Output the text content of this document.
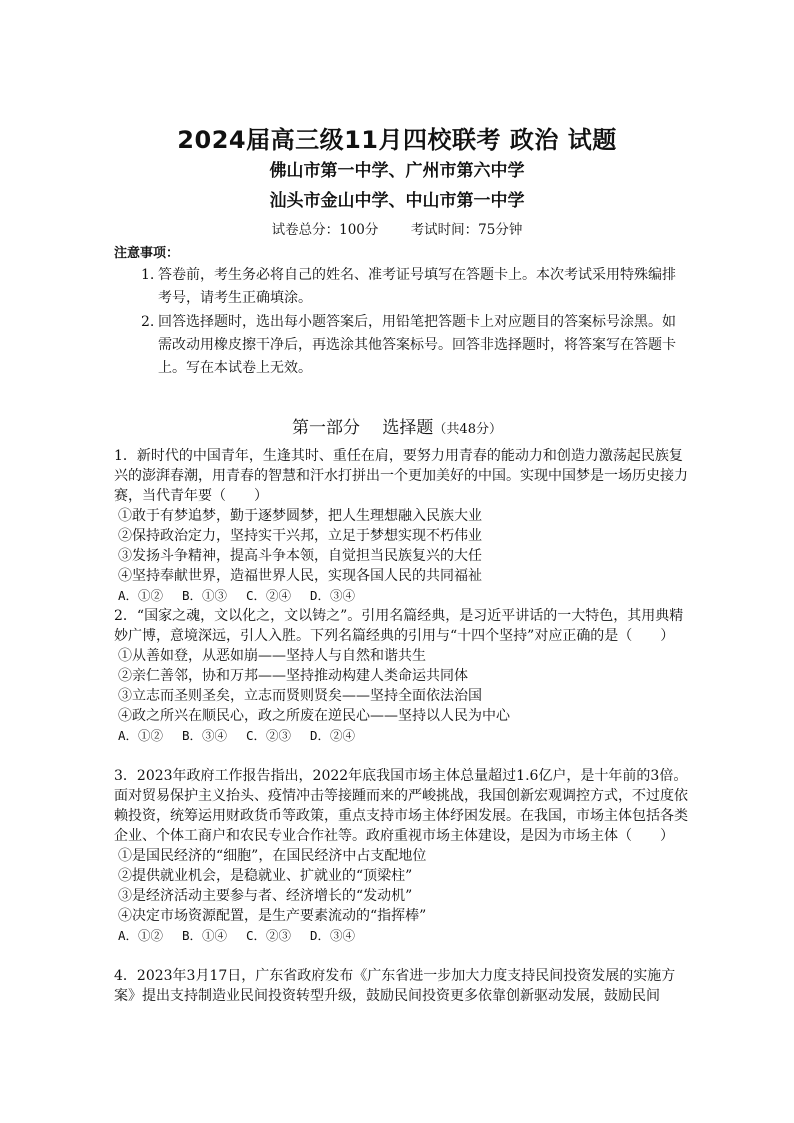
2024届高三级11月四校联考 政治 试题
佛山市第一中学、广州市第六中学
汕头市金山中学、中山市第一中学
试卷总分：100分 考试时间：75分钟
注意事项：
1. 答卷前，考生务必将自己的姓名、准考证号填写在答题卡上。本次考试采用特殊编排考号，请考生正确填涂。
2. 回答选择题时，选出每小题答案后，用铅笔把答题卡上对应题目的答案标号涂黑。如需改动用橡皮擦干净后，再选涂其他答案标号。回答非选择题时，将答案写在答题卡上。写在本试卷上无效。
第一部分　 选择题（共48分）
1．新时代的中国青年，生逢其时、重任在肩，要努力用青春的能动力和创造力激荡起民族复兴的澎湃春潮，用青春的智慧和汗水打拼出一个更加美好的中国。实现中国梦是一场历史接力赛，当代青年要（　　）
①敢于有梦追梦，勤于逐梦圆梦，把人生理想融入民族大业
②保持政治定力，坚持实干兴邦，立足于梦想实现不朽伟业
③发扬斗争精神，提高斗争本领，自觉担当民族复兴的大任
④坚持奉献世界，造福世界人民，实现各国人民的共同福祉
A．①② B．①③ C．②④ D．③④
2．“国家之魂，文以化之，文以铸之”。引用名篇经典，是习近平讲话的一大特色，其用典精妙广博，意境深远，引人入胜。下列名篇经典的引用与“十四个坚持”对应正确的是（　　）
①从善如登，从恶如崩——坚持人与自然和谐共生
②亲仁善邻，协和万邦——坚持推动构建人类命运共同体
③立志而圣则圣矣，立志而贤则贤矣——坚持全面依法治国
④政之所兴在顺民心，政之所废在逆民心——坚持以人民为中心
A．①② B．③④ C．②③ D．②④
3．2023年政府工作报告指出，2022年底我国市场主体总量超过1.6亿户，是十年前的3倍。面对贸易保护主义抬头、疫情冲击等接踵而来的严峻挑战，我国创新宏观调控方式，不过度依赖投资，统筹运用财政货币等政策，重点支持市场主体纾困发展。在我国，市场主体包括各类企业、个体工商户和农民专业合作社等。政府重视市场主体建设，是因为市场主体（　　）
①是国民经济的“细胞”，在国民经济中占支配地位
②提供就业机会，是稳就业、扩就业的“顶梁柱”
③是经济活动主要参与者、经济增长的“发动机”
④决定市场资源配置，是生产要素流动的“指挥棒”
A．①② B．①④ C．②③ D．③④
4．2023年3月17日，广东省政府发布《广东省进一步加大力度支持民间投资发展的实施方案》提出支持制造业民间投资转型升级，鼓励民间投资更多依靠创新驱动发展，鼓励民间
